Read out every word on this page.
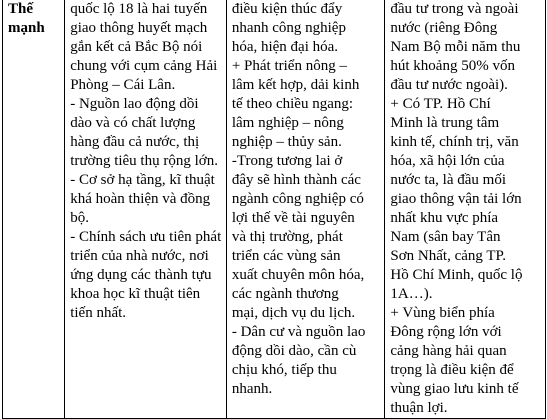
Thế
mạnh

quốc lộ 18 là hai tuyến
giao thông huyết mạch
gắn kết cả Bắc Bộ nói
chung với cụm cảng Hải
Phòng – Cái Lân.
- Nguồn lao động dồi
dào và có chất lượng
hàng đầu cả nước, thị
trường tiêu thụ rộng lớn.
- Cơ sở hạ tầng, kĩ thuật
khá hoàn thiện và đồng
bộ.
- Chính sách ưu tiên phát
triển của nhà nước, nơi
ứng dụng các thành tựu
khoa học kĩ thuật tiên
tiến nhất.

điều kiện thúc đẩy
nhanh công nghiệp
hóa, hiện đại hóa.
+ Phát triển nông –
lâm kết hợp, dải kinh
tế theo chiều ngang:
lâm nghiệp – nông
nghiệp – thủy sản.
-Trong tương lai ở
đây sẽ hình thành các
ngành công nghiệp có
lợi thế về tài nguyên
và thị trường, phát
triển các vùng sản
xuất chuyên môn hóa,
các ngành thương
mại, dịch vụ du lịch.
- Dân cư và nguồn lao
động dồi dào, cần cù
chịu khó, tiếp thu
nhanh.

đầu tư trong và ngoài
nước (riêng Đông
Nam Bộ mỗi năm thu
hút khoảng 50% vốn
đầu tư nước ngoài).
+ Có TP. Hồ Chí
Minh là trung tâm
kinh tế, chính trị, văn
hóa, xã hội lớn của
nước ta, là đầu mối
giao thông vận tải lớn
nhất khu vực phía
Nam (sân bay Tân
Sơn Nhất, cảng TP.
Hồ Chí Minh, quốc lộ
1A…).
+ Vùng biển phía
Đông rộng lớn với
cảng hàng hải quan
trọng là điều kiện để
vùng giao lưu kinh tế
thuận lợi.
